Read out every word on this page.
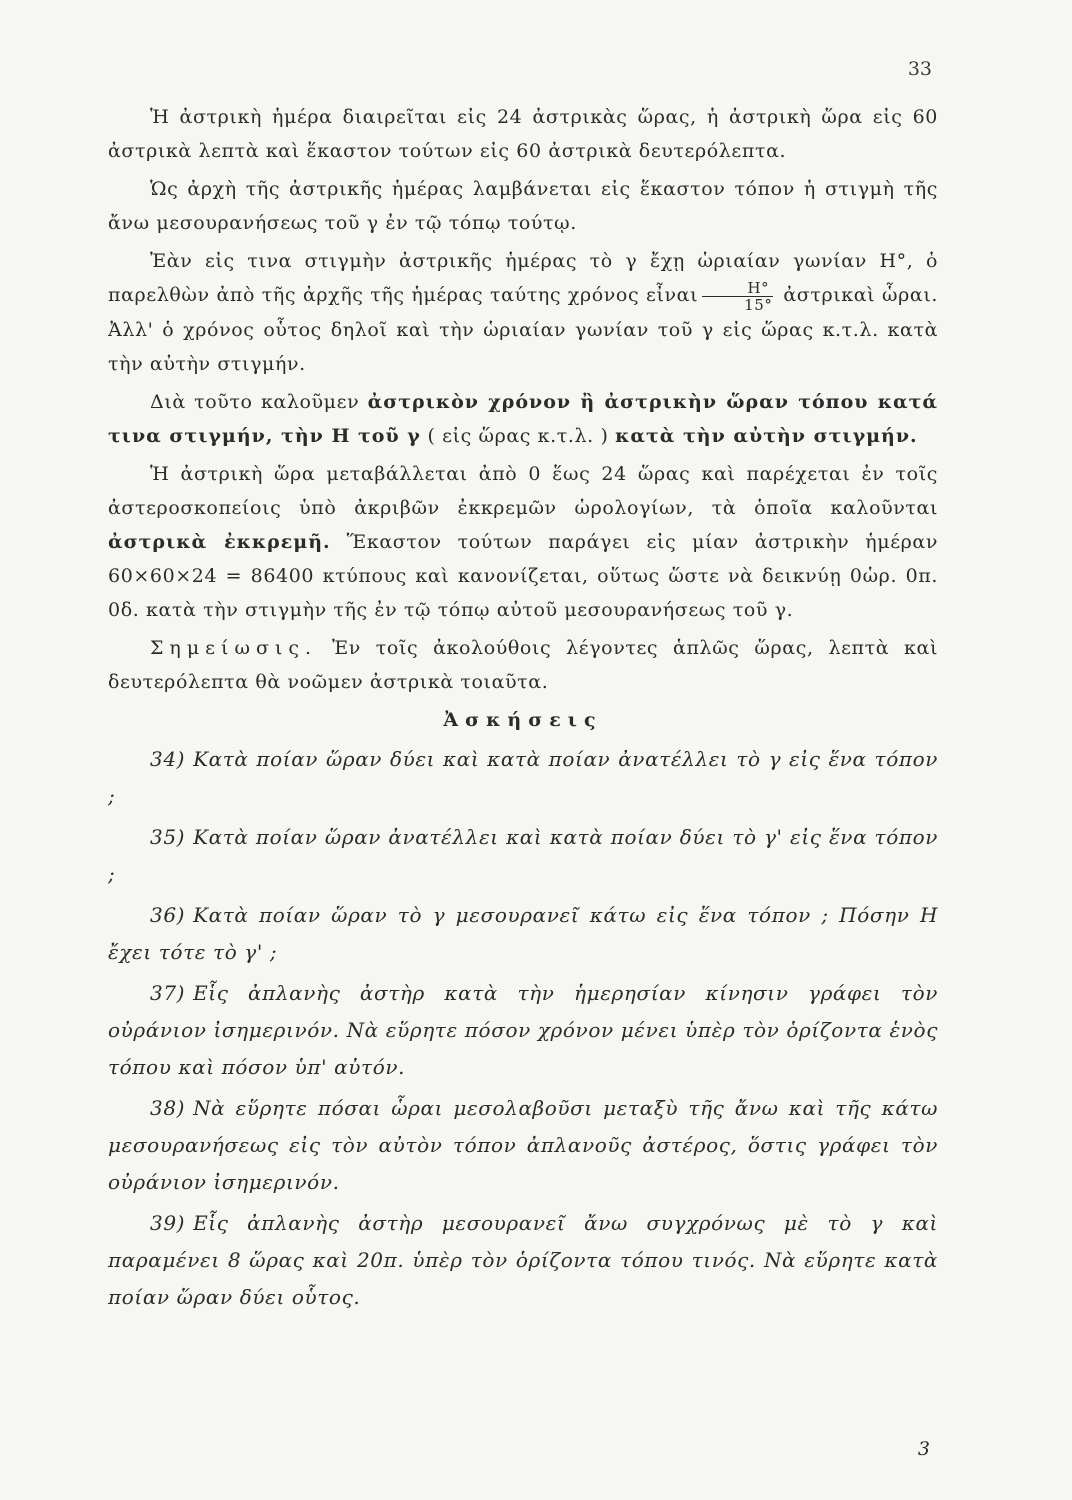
33

Ἡ ἀστρικὴ ἡμέρα διαιρεῖται εἰς 24 ἀστρικὰς ὥρας, ἡ ἀστρικὴ ὥρα εἰς 60 ἀστρικὰ λεπτὰ καὶ ἕκαστον τούτων εἰς 60 ἀστρικὰ δευτερόλεπτα.

Ὡς ἀρχὴ τῆς ἀστρικῆς ἡμέρας λαμβάνεται εἰς ἕκαστον τόπον ἡ στιγμὴ τῆς ἄνω μεσουρανήσεως τοῦ γ ἐν τῷ τόπῳ τούτῳ.

Ἐὰν εἰς τινα στιγμὴν ἀστρικῆς ἡμέρας τὸ γ ἔχῃ ὡριαίαν γωνίαν Η°, ὁ παρελθὼν ἀπὸ τῆς ἀρχῆς τῆς ἡμέρας ταύτης χρόνος εἶναι $\frac{H^\circ}{15^\circ}$ ἀστρικαὶ ὧραι. Ἀλλ' ὁ χρόνος οὗτος δηλοῖ καὶ τὴν ὡριαίαν γωνίαν τοῦ γ εἰς ὥρας κ.τ.λ. κατὰ τὴν αὐτὴν στιγμήν.

Διὰ τοῦτο καλοῦμεν ἀστρικὸν χρόνον ἢ ἀστρικὴν ὥραν τόπου κατά τινα στιγμήν, τὴν Η τοῦ γ ( εἰς ὥρας κ.τ.λ. ) κατὰ τὴν αὐτὴν στιγμήν.

Ἡ ἀστρικὴ ὥρα μεταβάλλεται ἀπὸ 0 ἕως 24 ὥρας καὶ παρέχεται ἐν τοῖς ἀστεροσκοπείοις ὑπὸ ἀκριβῶν ἐκκρεμῶν ὡρολογίων, τὰ ὁποῖα καλοῦνται ἀστρικὰ ἐκκρεμῆ. Ἕκαστον τούτων παράγει εἰς μίαν ἀστρικὴν ἡμέραν 60×60×24 = 86400 κτύπους καὶ κανονίζεται, οὕτως ὥστε νὰ δεικνύῃ 0ὡρ. 0π. 0δ. κατὰ τὴν στιγμὴν τῆς ἐν τῷ τόπῳ αὐτοῦ μεσουρανήσεως τοῦ γ.

Σημείωσις. Ἐν τοῖς ἀκολούθοις λέγοντες ἁπλῶς ὥρας, λεπτὰ καὶ δευτερόλεπτα θὰ νοῶμεν ἀστρικὰ τοιαῦτα.

Ἀσκήσεις

34) Κατὰ ποίαν ὥραν δύει καὶ κατὰ ποίαν ἀνατέλλει τὸ γ εἰς ἕνα τόπον ;

35) Κατὰ ποίαν ὥραν ἀνατέλλει καὶ κατὰ ποίαν δύει τὸ γ' εἰς ἕνα τόπον ;

36) Κατὰ ποίαν ὥραν τὸ γ μεσουρανεῖ κάτω εἰς ἕνα τόπον ; Πόσην Η ἔχει τότε τὸ γ' ;

37) Εἷς ἀπλανὴς ἀστὴρ κατὰ τὴν ἡμερησίαν κίνησιν γράφει τὸν οὐράνιον ἰσημερινόν. Νὰ εὕρητε πόσον χρόνον μένει ὑπὲρ τὸν ὁρίζοντα ἑνὸς τόπου καὶ πόσον ὑπ' αὐτόν.

38) Νὰ εὕρητε πόσαι ὧραι μεσολαβοῦσι μεταξὺ τῆς ἄνω καὶ τῆς κάτω μεσουρανήσεως εἰς τὸν αὐτὸν τόπον ἀπλανοῦς ἀστέρος, ὅστις γράφει τὸν οὐράνιον ἰσημερινόν.

39) Εἷς ἀπλανὴς ἀστὴρ μεσουρανεῖ ἄνω συγχρόνως μὲ τὸ γ καὶ παραμένει 8 ὥρας καὶ 20π. ὑπὲρ τὸν ὁρίζοντα τόπου τινός. Νὰ εὕρητε κατὰ ποίαν ὥραν δύει οὗτος.

3
